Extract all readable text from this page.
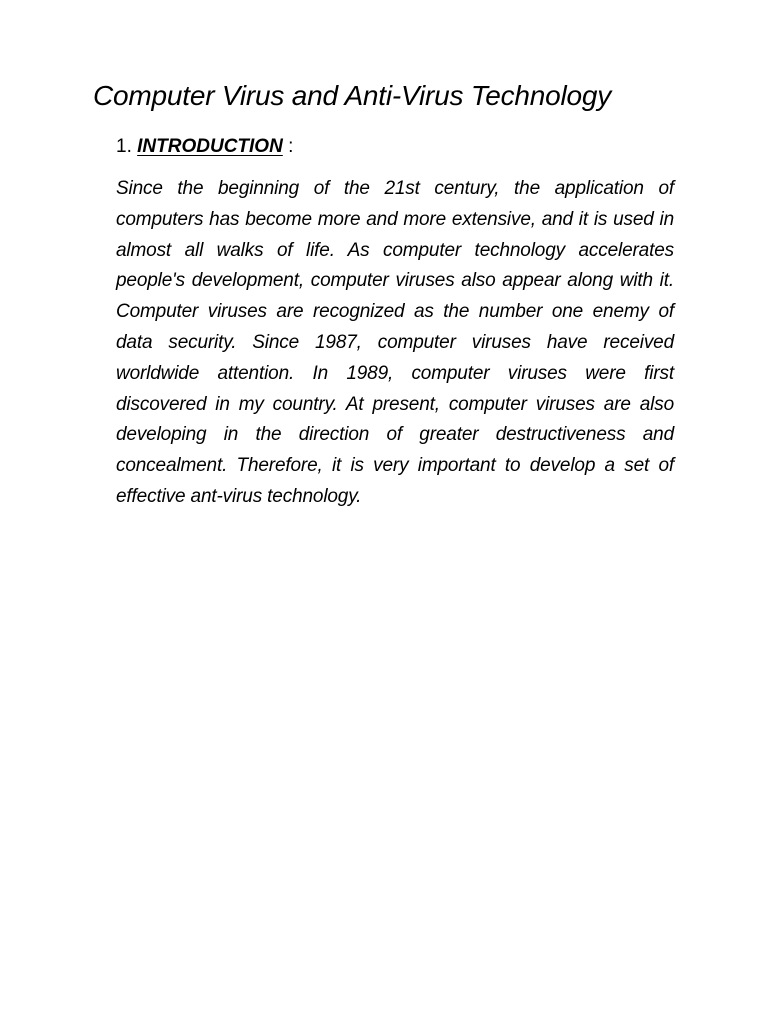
Computer Virus and Anti-Virus Technology
1. INTRODUCTION :

Since the beginning of the 21st century, the application of computers has become more and more extensive, and it is used in almost all walks of life. As computer technology accelerates people's development, computer viruses also appear along with it. Computer viruses are recognized as the number one enemy of data security. Since 1987, computer viruses have received worldwide attention. In 1989, computer viruses were first discovered in my country. At present, computer viruses are also developing in the direction of greater destructiveness and concealment. Therefore, it is very important to develop a set of effective ant-virus technology.
